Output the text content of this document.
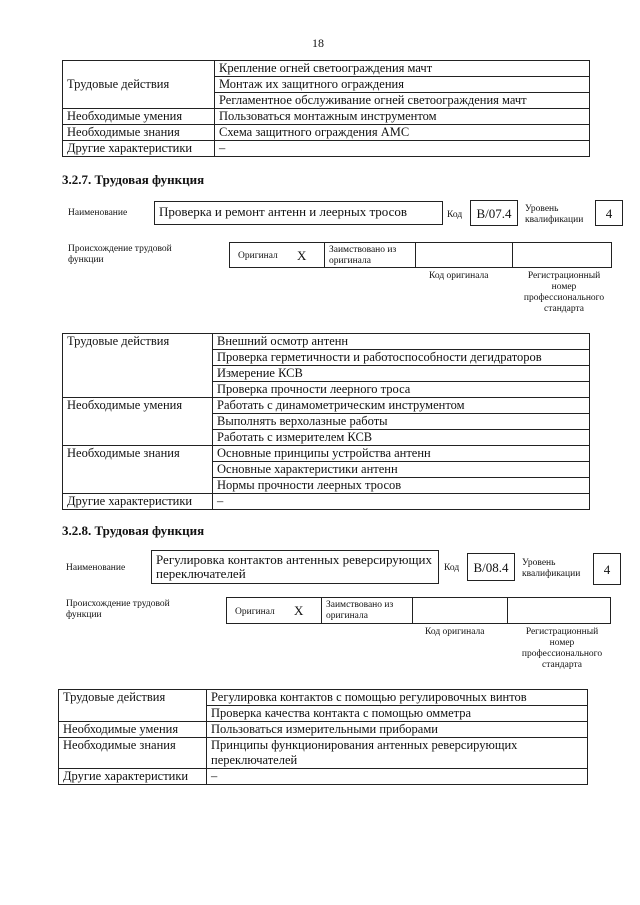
18
Трудовые действия	Крепление огней светоограждения мачт
	Монтаж их защитного ограждения
	Регламентное обслуживание огней светоограждения мачт
Необходимые умения	Пользоваться монтажным инструментом
Необходимые знания	Схема защитного ограждения АМС
Другие характеристики	–
3.2.7. Трудовая функция
Наименование	Проверка и ремонт антенн и леерных тросов	Код	B/07.4	Уровень квалификации	4
Происхождение трудовой функции	Оригинал X	Заимствовано из оригинала
Код оригинала	Регистрационный номер профессионального стандарта
Трудовые действия	Внешний осмотр антенн
	Проверка герметичности и работоспособности дегидраторов
	Измерение КСВ
	Проверка прочности леерного троса
Необходимые умения	Работать с динамометрическим инструментом
	Выполнять верхолазные работы
	Работать с измерителем КСВ
Необходимые знания	Основные принципы устройства антенн
	Основные характеристики антенн
	Нормы прочности леерных тросов
Другие характеристики	–
3.2.8. Трудовая функция
Наименование
Регулировка контактов антенных реверсирующих переключателей	Код	B/08.4	Уровень квалификации	4
Происхождение трудовой функции	Оригинал X	Заимствовано из оригинала
Код оригинала	Регистрационный номер профессионального стандарта
Трудовые действия	Регулировка контактов с помощью регулировочных винтов
	Проверка качества контакта с помощью омметра
Необходимые умения	Пользоваться измерительными приборами
Необходимые знания	Принципы функционирования антенных реверсирующих переключателей
Другие характеристики	–
